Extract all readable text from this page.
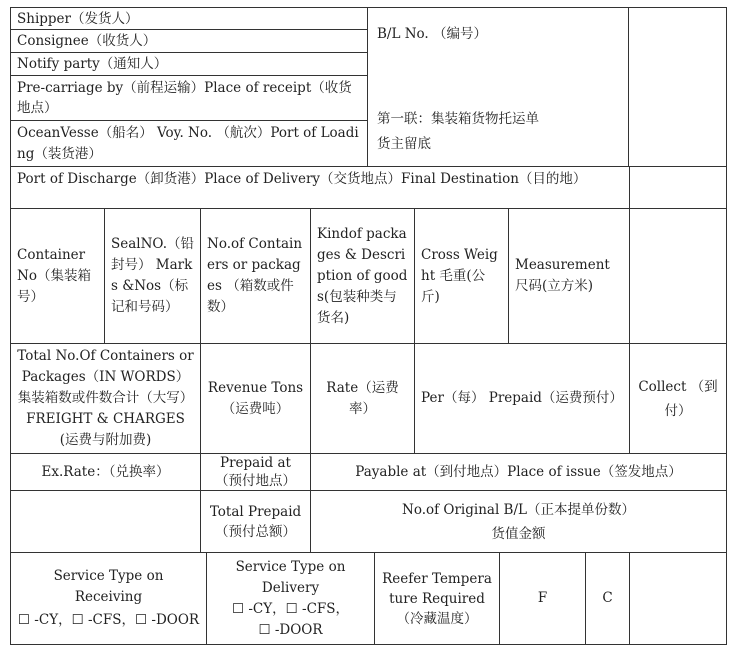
Shipper（发货人）
Consignee（收货人）
Notify party（通知人）
Pre-carriage by（前程运输）Place of receipt（收货地点）
OceanVesse（船名） Voy. No. （航次）Port of Loading（装货港）
B/L No. （编号）
第一联：集装箱货物托运单
货主留底
Port of Discharge（卸货港）Place of Delivery（交货地点）Final Destination（目的地）
Container No（集装箱号）
SealNO.（铅封号） Marks &Nos（标记和号码）
No.of Containers or packages （箱数或件数）
Kindof packages & Description of goods(包装种类与货名)
Cross Weight 毛重(公斤)
Measurement 尺码(立方米)
Total No.Of Containers or Packages（IN WORDS）集装箱数或件数合计（大写）FREIGHT & CHARGES(运费与附加费)
Revenue Tons（运费吨）
Rate（运费率）
Per（每） Prepaid（运费预付）
Collect （到付）
Ex.Rate：（兑换率）
Prepaid at（预付地点）
Payable at（到付地点）Place of issue（签发地点）
Total Prepaid（预付总额）
No.of Original B/L（正本提单份数）
货值金额
Service Type on Receiving
☐ -CY，☐ -CFS，☐ -DOOR
Service Type on Delivery
☐ -CY，☐ -CFS，
☐ -DOOR
Reefer Temperature Required（冷藏温度）
F	C
